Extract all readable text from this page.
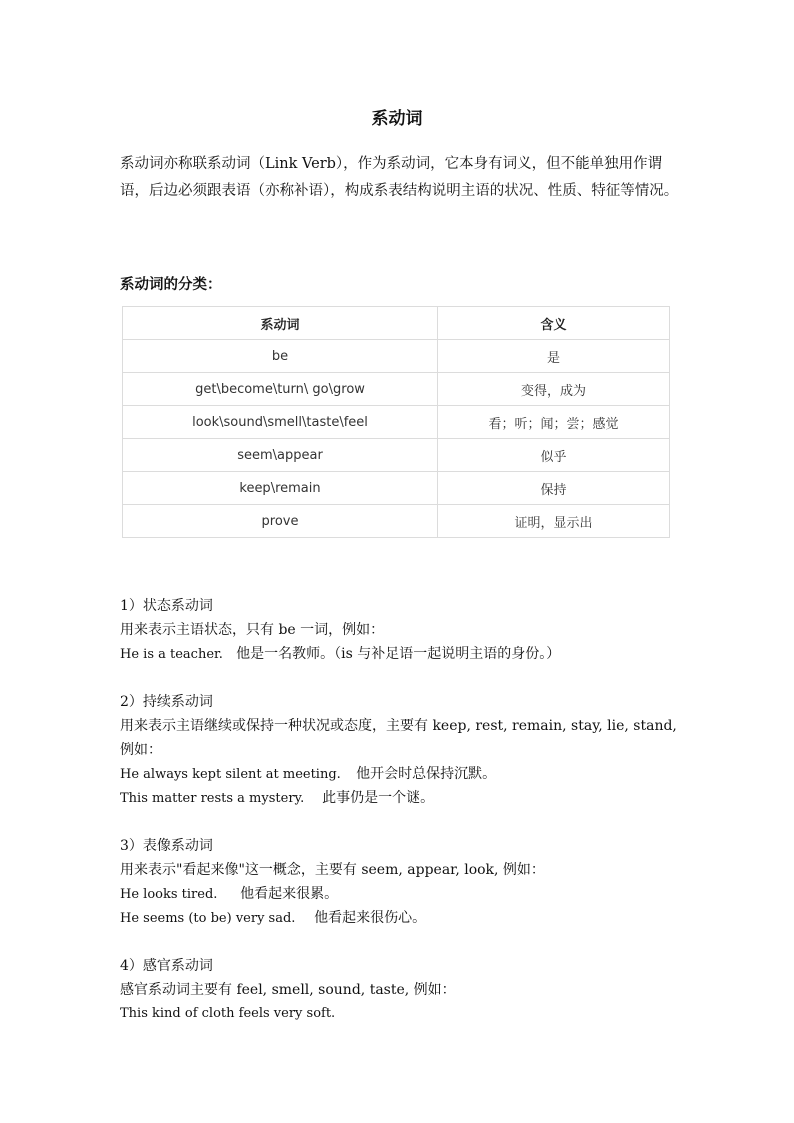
系动词
系动词亦称联系动词（Link Verb），作为系动词，它本身有词义，但不能单独用作谓语，后边必须跟表语（亦称补语），构成系表结构说明主语的状况、性质、特征等情况。
系动词的分类：
系动词	含义
be	是
get\become\turn\ go\grow	变得，成为
look\sound\smell\taste\feel	看；听；闻；尝；感觉
seem\appear	似乎
keep\remain	保持
prove	证明，显示出
1）状态系动词
用来表示主语状态，只有 be 一词，例如：
He is a teacher. 他是一名教师。（is 与补足语一起说明主语的身份。）
2）持续系动词
用来表示主语继续或保持一种状况或态度，主要有 keep, rest, remain, stay, lie, stand, 例如：
He always kept silent at meeting. 他开会时总保持沉默。
This matter rests a mystery. 此事仍是一个谜。
3）表像系动词
用来表示"看起来像"这一概念，主要有 seem, appear, look, 例如：
He looks tired. 他看起来很累。
He seems (to be) very sad. 他看起来很伤心。
4）感官系动词
感官系动词主要有 feel, smell, sound, taste, 例如：
This kind of cloth feels very soft.
